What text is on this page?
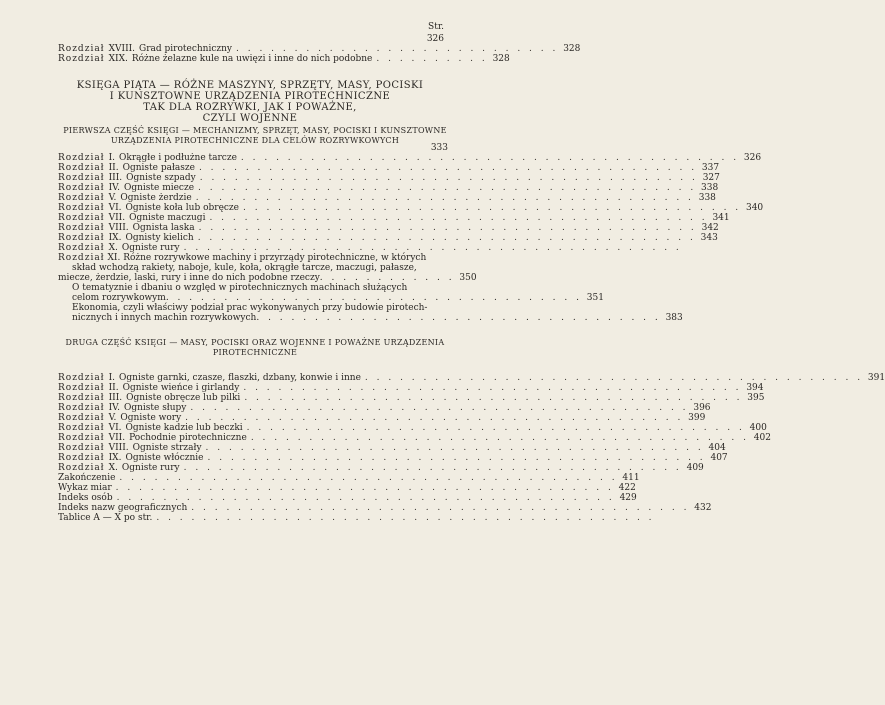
Str.
326
Rozdział XVIII. Grad pirotechniczny . . . . . . . . . . . . . . . . . . . . . . . . . . . . 328
Rozdział XIX. Różne żelazne kule na uwięzi i inne do nich podobne . . . . . . . . . . 328
KSIĘGA PIĄTA — RÓŻNE MASZYNY, SPRZĘTY, MASY, POCISKI
I KUNSZTOWNE URZĄDZENIA PIROTECHNICZNE
TAK DLA ROZRYWKI, JAK I POWAŻNE,
CZYLI WOJENNE
PIERWSZA CZĘŚĆ KSIĘGI — MECHANIZMY, SPRZĘT, MASY, POCISKI I KUNSZTOWNE
URZĄDZENIA PIROTECHNICZNE DLA CELÓW ROZRYWKOWYCH
333
Rozdział I. Okrągłe i podłużne tarcze . . . . . . . . . . . . . . . . . . . . . . . . . . . . . . . . . . . . . . . . . . . 326
Rozdział II. Ogniste pałasze . . . . . . . . . . . . . . . . . . . . . . . . . . . . . . . . . . . . . . . . . . . 337
Rozdział III. Ogniste szpady . . . . . . . . . . . . . . . . . . . . . . . . . . . . . . . . . . . . . . . . . . . 327
Rozdział IV. Ogniste miecze . . . . . . . . . . . . . . . . . . . . . . . . . . . . . . . . . . . . . . . . . . . 338
Rozdział V. Ogniste żerdzie . . . . . . . . . . . . . . . . . . . . . . . . . . . . . . . . . . . . . . . . . . . 338
Rozdział VI. Ogniste koła lub obręcze . . . . . . . . . . . . . . . . . . . . . . . . . . . . . . . . . . . . . . . . . . . 340
Rozdział VII. Ogniste maczugi . . . . . . . . . . . . . . . . . . . . . . . . . . . . . . . . . . . . . . . . . . . 341
Rozdział VIII. Ognista laska . . . . . . . . . . . . . . . . . . . . . . . . . . . . . . . . . . . . . . . . . . . 342
Rozdział IX. Ognisty kielich . . . . . . . . . . . . . . . . . . . . . . . . . . . . . . . . . . . . . . . . . . . 343
Rozdział X. Ogniste rury . . . . . . . . . . . . . . . . . . . . . . . . . . . . . . . . . . . . . . . . . . .
Rozdział XI. Różne rozrywkowe machiny i przyrządy pirotechniczne, w których
skład wchodzą rakiety, naboje, kule, koła, okrągłe tarcze, maczugi, pałasze,
miecze, żerdzie, laski, rury i inne do nich podobne rzeczy . . . . . . . . . . . . 350
O tematyznie i dbaniu o względ w pirotechnicznych machinach służących
celom rozrywkowym . . . . . . . . . . . . . . . . . . . . . . . . . . . . . . . . . . . . 351
Ekonomia, czyli właściwy podział prac wykonywanych przy budowie pirotech-
nicznych i innych machin rozrywkowych . . . . . . . . . . . . . . . . . . . . . . . . . . . . . . . . . . . 383
DRUGA CZĘŚĆ KSIĘGI — MASY, POCISKI ORAZ WOJENNE I POWAŻNE URZĄDZENIA
PIROTECHNICZNE
Rozdział I. Ogniste garnki, czasze, flaszki, dzbany, konwie i inne . . . . . . . . . . . . . . . . . . . . . . . . . . . . . . . . . . . . . . . . . . . 391
Rozdział II. Ogniste wieńce i girlandy . . . . . . . . . . . . . . . . . . . . . . . . . . . . . . . . . . . . . . . . . . . 394
Rozdział III. Ogniste obręcze lub pilki . . . . . . . . . . . . . . . . . . . . . . . . . . . . . . . . . . . . . . . . . . . 395
Rozdział IV. Ogniste słupy . . . . . . . . . . . . . . . . . . . . . . . . . . . . . . . . . . . . . . . . . . . 396
Rozdział V. Ogniste wory . . . . . . . . . . . . . . . . . . . . . . . . . . . . . . . . . . . . . . . . . . . 399
Rozdział VI. Ogniste kadzie lub beczki . . . . . . . . . . . . . . . . . . . . . . . . . . . . . . . . . . . . . . . . . . . 400
Rozdział VII. Pochodnie pirotechniczne . . . . . . . . . . . . . . . . . . . . . . . . . . . . . . . . . . . . . . . . . . . 402
Rozdział VIII. Ogniste strzały . . . . . . . . . . . . . . . . . . . . . . . . . . . . . . . . . . . . . . . . . . . 404
Rozdział IX. Ogniste włócznie . . . . . . . . . . . . . . . . . . . . . . . . . . . . . . . . . . . . . . . . . . . 407
Rozdział X. Ogniste rury . . . . . . . . . . . . . . . . . . . . . . . . . . . . . . . . . . . . . . . . . . . 409
Zakończenie . . . . . . . . . . . . . . . . . . . . . . . . . . . . . . . . . . . . . . . . . . . 411
Wykaz miar . . . . . . . . . . . . . . . . . . . . . . . . . . . . . . . . . . . . . . . . . . . 422
Indeks osób . . . . . . . . . . . . . . . . . . . . . . . . . . . . . . . . . . . . . . . . . . . 429
Indeks nazw geograficznych . . . . . . . . . . . . . . . . . . . . . . . . . . . . . . . . . . . . . . . . . . . 432
Tablice A — X po str. . . . . . . . . . . . . . . . . . . . . . . . . . . . . . . . . . . . . . . . . . . .
